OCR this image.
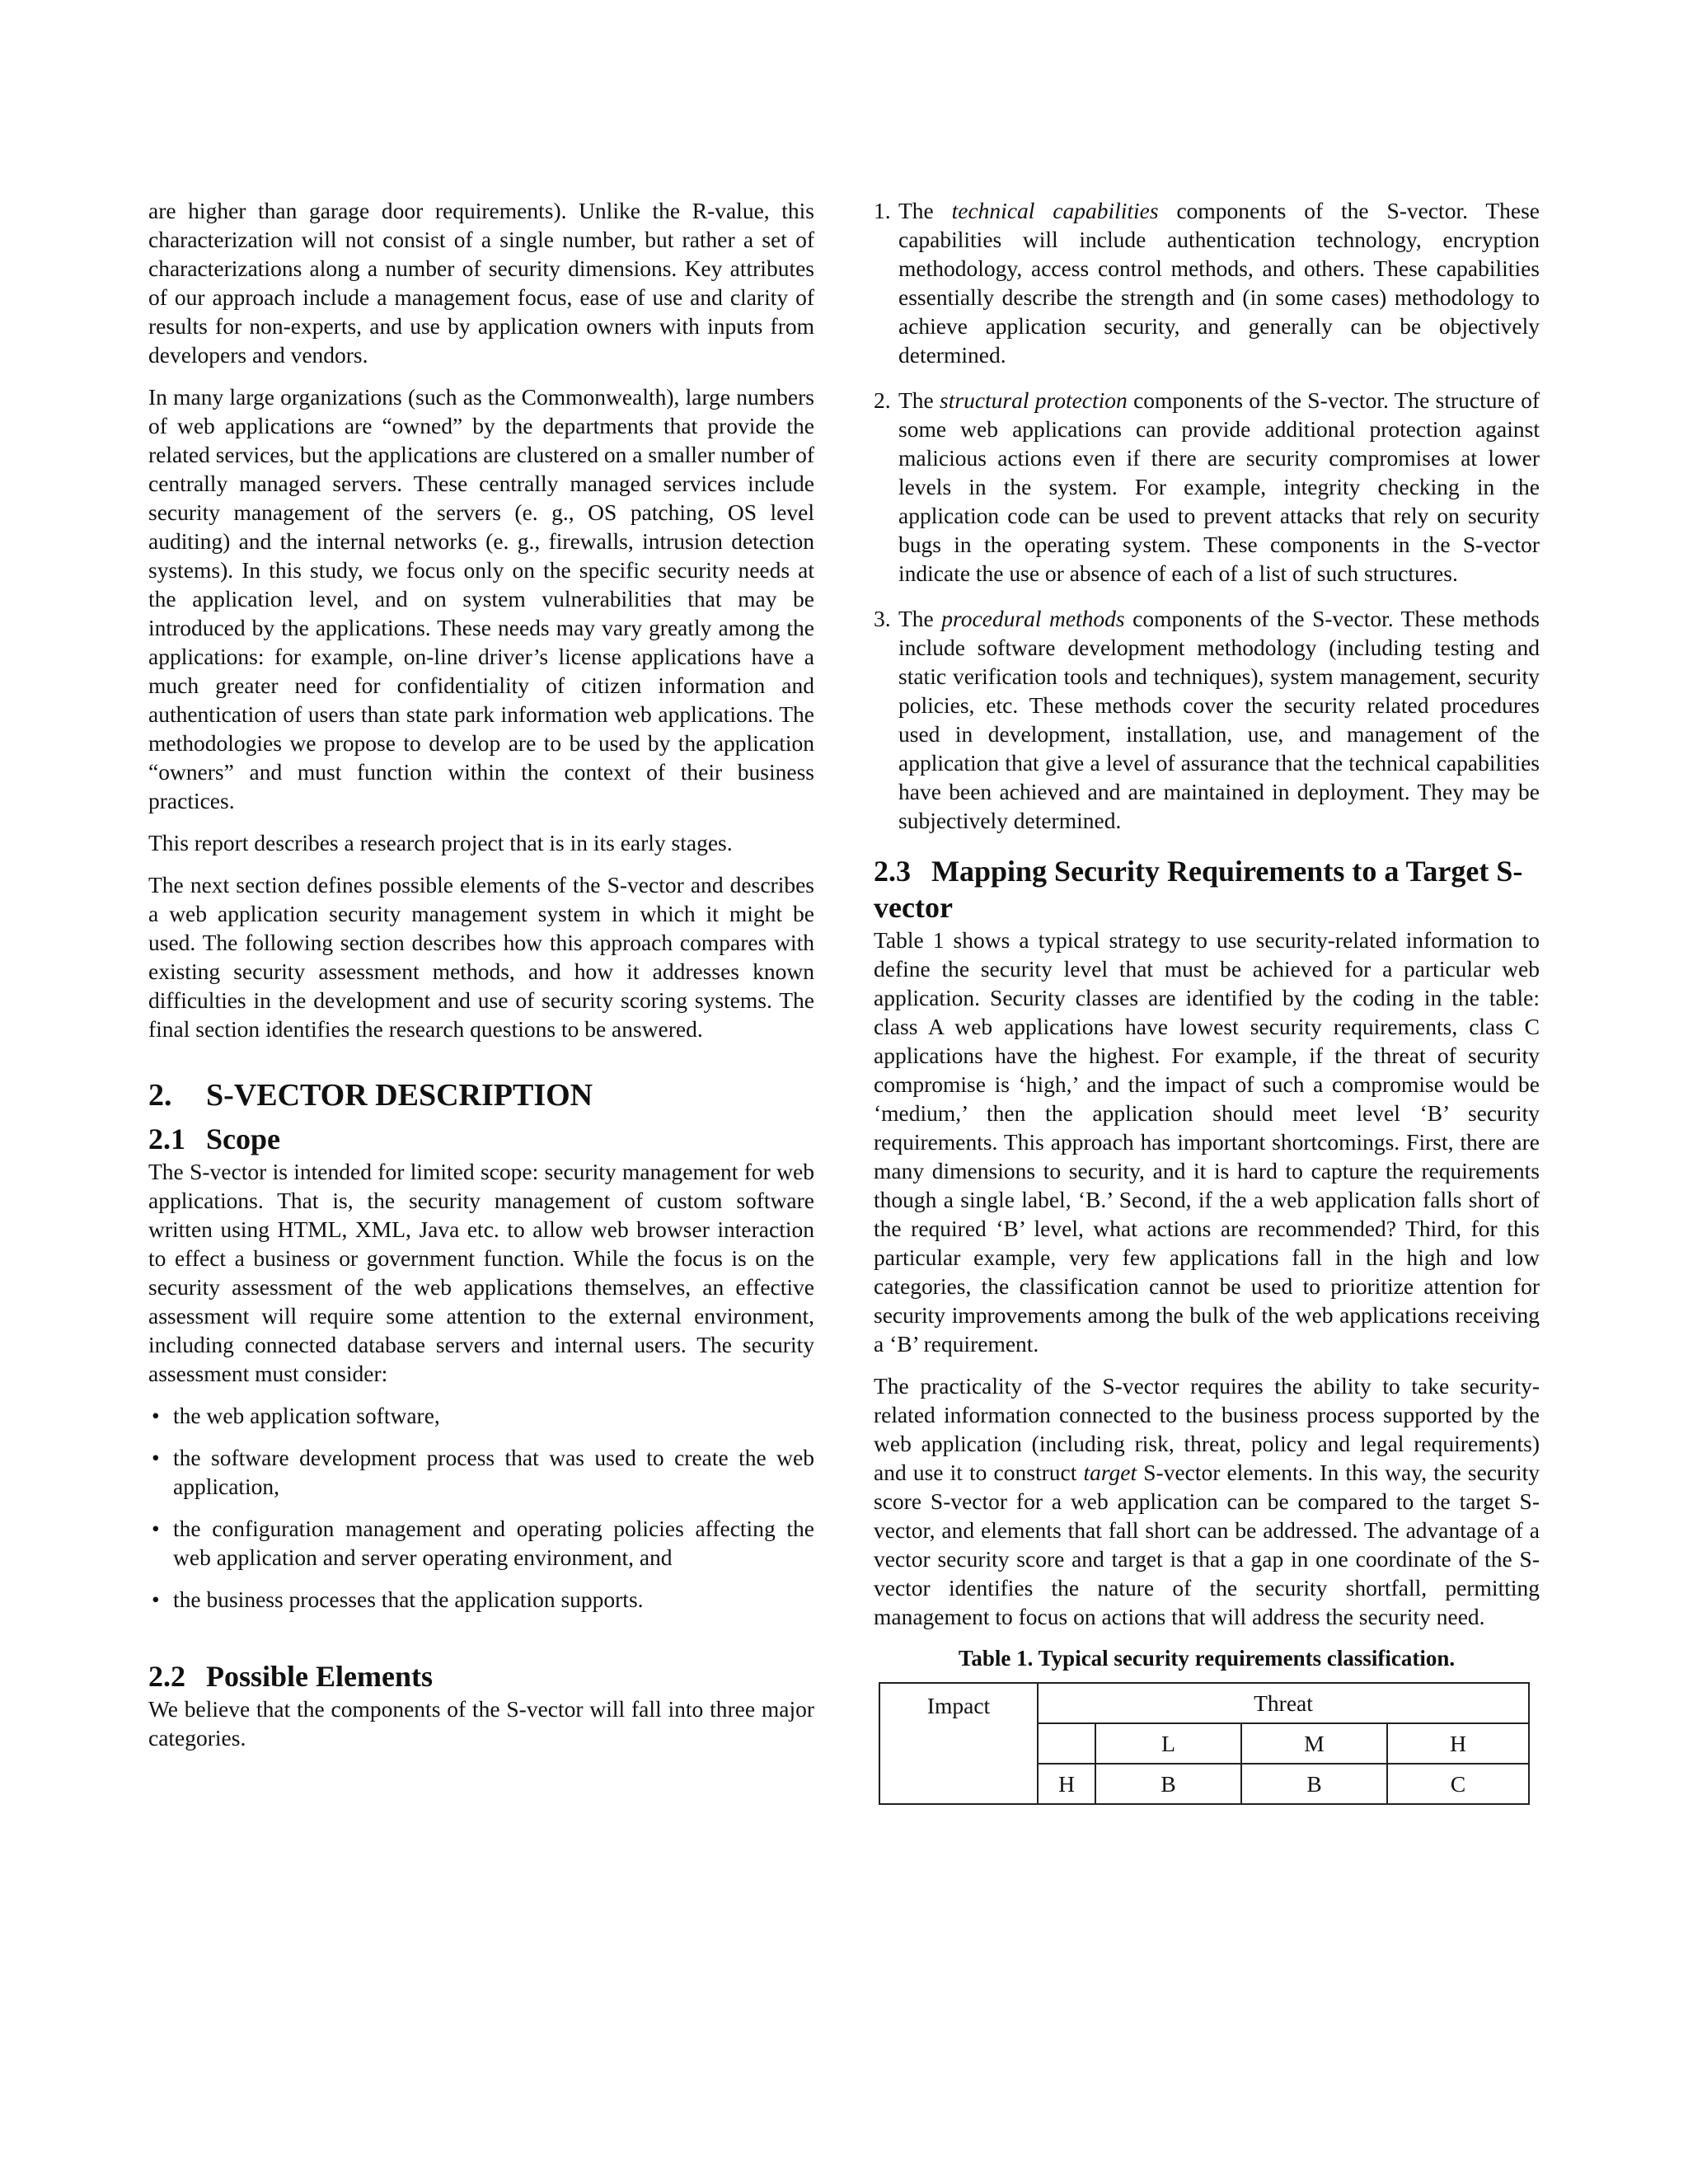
are higher than garage door requirements). Unlike the R-value, this characterization will not consist of a single number, but rather a set of characterizations along a number of security dimensions. Key attributes of our approach include a management focus, ease of use and clarity of results for non-experts, and use by application owners with inputs from developers and vendors.

In many large organizations (such as the Commonwealth), large numbers of web applications are “owned” by the departments that provide the related services, but the applications are clustered on a smaller number of centrally managed servers. These centrally managed services include security management of the servers (e. g., OS patching, OS level auditing) and the internal networks (e. g., firewalls, intrusion detection systems). In this study, we focus only on the specific security needs at the application level, and on system vulnerabilities that may be introduced by the applications. These needs may vary greatly among the applications: for example, on-line driver’s license applications have a much greater need for confidentiality of citizen information and authentication of users than state park information web applications. The methodologies we propose to develop are to be used by the application “owners” and must function within the context of their business practices.

This report describes a research project that is in its early stages.

The next section defines possible elements of the S-vector and describes a web application security management system in which it might be used. The following section describes how this approach compares with existing security assessment methods, and how it addresses known difficulties in the development and use of security scoring systems. The final section identifies the research questions to be answered.

2. S-VECTOR DESCRIPTION
2.1 Scope

The S-vector is intended for limited scope: security management for web applications. That is, the security management of custom software written using HTML, XML, Java etc. to allow web browser interaction to effect a business or government function. While the focus is on the security assessment of the web applications themselves, an effective assessment will require some attention to the external environment, including connected database servers and internal users. The security assessment must consider:

• the web application software,
• the software development process that was used to create the web application,
• the configuration management and operating policies affecting the web application and server operating environment, and
• the business processes that the application supports.
2.2 Possible Elements

We believe that the components of the S-vector will fall into three major categories.

1. The technical capabilities components of the S-vector. These capabilities will include authentication technology, encryption methodology, access control methods, and others. These capabilities essentially describe the strength and (in some cases) methodology to achieve application security, and generally can be objectively determined.
2. The structural protection components of the S-vector. The structure of some web applications can provide additional protection against malicious actions even if there are security compromises at lower levels in the system. For example, integrity checking in the application code can be used to prevent attacks that rely on security bugs in the operating system. These components in the S-vector indicate the use or absence of each of a list of such structures.
3. The procedural methods components of the S-vector. These methods include software development methodology (including testing and static verification tools and techniques), system management, security policies, etc. These methods cover the security related procedures used in development, installation, use, and management of the application that give a level of assurance that the technical capabilities have been achieved and are maintained in deployment. They may be subjectively determined.
2.3 Mapping Security Requirements to a Target S-vector

Table 1 shows a typical strategy to use security-related information to define the security level that must be achieved for a particular web application. Security classes are identified by the coding in the table: class A web applications have lowest security requirements, class C applications have the highest. For example, if the threat of security compromise is ‘high,’ and the impact of such a compromise would be ‘medium,’ then the application should meet level ‘B’ security requirements. This approach has important shortcomings. First, there are many dimensions to security, and it is hard to capture the requirements though a single label, ‘B.’ Second, if the a web application falls short of the required ‘B’ level, what actions are recommended? Third, for this particular example, very few applications fall in the high and low categories, the classification cannot be used to prioritize attention for security improvements among the bulk of the web applications receiving a ‘B’ requirement.

The practicality of the S-vector requires the ability to take security-related information connected to the business process supported by the web application (including risk, threat, policy and legal requirements) and use it to construct target S-vector elements. In this way, the security score S-vector for a web application can be compared to the target S-vector, and elements that fall short can be addressed. The advantage of a vector security score and target is that a gap in one coordinate of the S-vector identifies the nature of the security shortfall, permitting management to focus on actions that will address the security need.

Table 1. Typical security requirements classification.
Impact	Threat			
		L	M	H
	H	B	B	C
